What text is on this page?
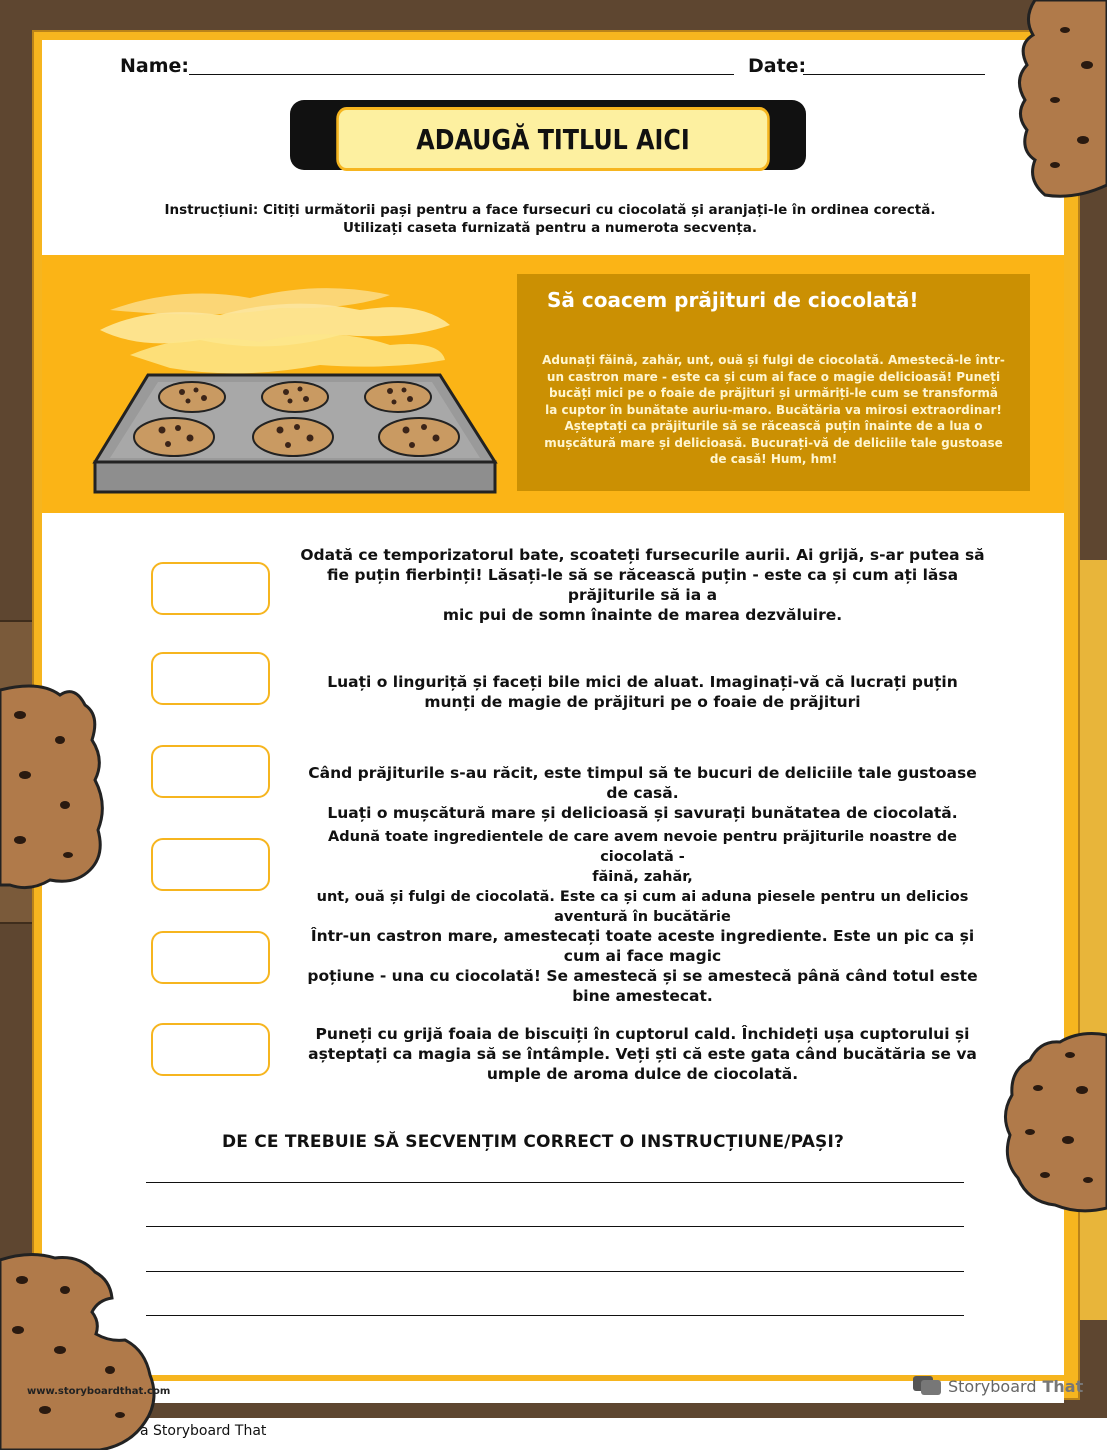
Name:	Date:
ADAUGĂ TITLUL AICI
Instrucțiuni: Citiți următorii pași pentru a face fursecuri cu ciocolată și aranjați-le în ordinea corectă.
Utilizați caseta furnizată pentru a numerota secvența.
Să coacem prăjituri de ciocolată!
Adunați făină, zahăr, unt, ouă și fulgi de ciocolată. Amestecă-le într-un castron mare - este ca și cum ai face o magie delicioasă! Puneți bucăți mici pe o foaie de prăjituri și urmăriți-le cum se transformă la cuptor în bunătate auriu-maro. Bucătăria va mirosi extraordinar! Așteptați ca prăjiturile să se răcească puțin înainte de a lua o mușcătură mare și delicioasă. Bucurați-vă de deliciile tale gustoase de casă! Hum, hm!
Odată ce temporizatorul bate, scoateți fursecurile aurii. Ai grijă, s-ar putea să fie puțin fierbinți! Lăsați-le să se răcească puțin - este ca și cum ați lăsa prăjiturile să ia a
mic pui de somn înainte de marea dezvăluire.
Luați o linguriță și faceți bile mici de aluat. Imaginați-vă că lucrați puțin
munți de magie de prăjituri pe o foaie de prăjituri
Când prăjiturile s-au răcit, este timpul să te bucuri de deliciile tale gustoase de casă.
Luați o mușcătură mare și delicioasă și savurați bunătatea de ciocolată.
Adună toate ingredientele de care avem nevoie pentru prăjiturile noastre de ciocolată -
făină, zahăr,
unt, ouă și fulgi de ciocolată. Este ca și cum ai aduna piesele pentru un delicios
aventură în bucătărie
Într-un castron mare, amestecați toate aceste ingrediente. Este un pic ca și cum ai face magic
poțiune - una cu ciocolată! Se amestecă și se amestecă până când totul este bine amestecat.
Puneți cu grijă foaia de biscuiți în cuptorul cald. Închideți ușa cuptorului și așteptați ca magia să se întâmple. Veți ști că este gata când bucătăria se va umple de aroma dulce de ciocolată.
DE CE TREBUIE SĂ SECVENȚIM CORRECT O INSTRUCȚIUNE/PAȘI?
Storyboard That
a Storyboard That
www.storyboardthat.com
